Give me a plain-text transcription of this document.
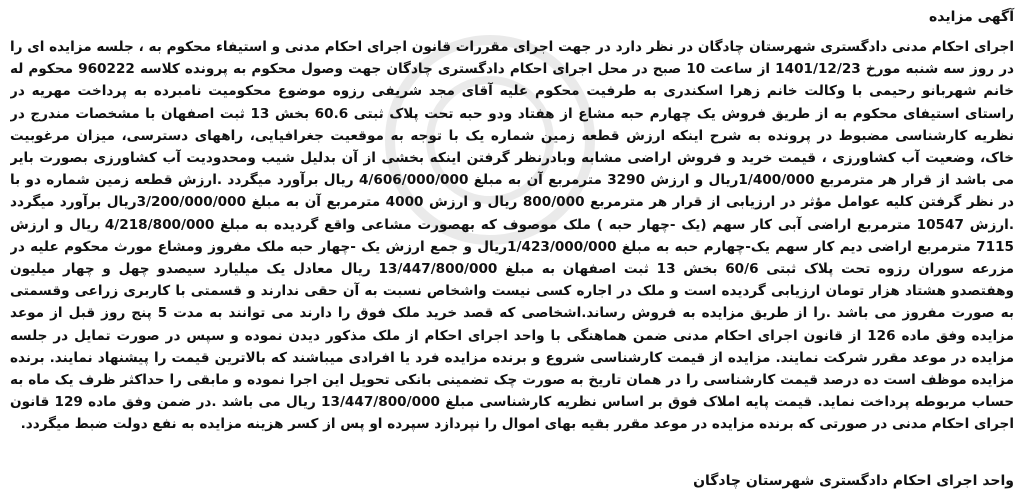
آگهی مزایده
اجرای احکام مدنی دادگستری شهرستان چادگان در نظر دارد در جهت اجرای مقررات قانون اجرای احکام مدنی و استیفاء محکوم به ، جلسه مزایده ای را در روز سه شنبه مورخ 1401/12/23 از ساعت 10 صبح در محل اجرای احکام دادگستری چادگان جهت وصول محکوم به پرونده کلاسه 960222 محکوم له خانم شهربانو رحیمی با وکالت خانم زهرا اسکندری به طرفیت محکوم علیه آقای مجد شریفی رزوه موضوع محکومیت نامبرده به پرداخت مهریه در راستای استیفای محکوم به از طریق فروش یک چهارم حبه مشاع از هفتاد ودو حبه تحت پلاک ثبتی 60.6 بخش 13 ثبت اصفهان با مشخصات مندرج در نظریه کارشناسی مضبوط در پرونده به شرح اینکه ارزش قطعه زمین شماره یک با توجه به موقعیت جغرافیایی، راههای دسترسی، میزان مرغوبیت خاک، وضعیت آب کشاورزی ، قیمت خرید و فروش اراضی مشابه وبادرنظر گرفتن اینکه بخشی از آن بدلیل شیب ومحدودیت آب کشاورزی بصورت بایر می باشد از قرار هر مترمربع 1/400/000ریال و ارزش 3290 مترمربع آن به مبلغ 4/606/000/000 ریال برآورد میگردد .ارزش قطعه زمین شماره دو با در نظر گرفتن کلیه عوامل مؤثر در ارزیابی از قرار هر مترمربع 800/000 ریال و ارزش 4000 مترمربع آن به مبلغ 3/200/000/000ریال برآورد میگردد .ارزش 10547 مترمربع اراضی آبی کار سهم (یک -چهار حبه ) ملک موصوف که بهصورت مشاعی واقع گردیده به مبلغ 4/218/800/000 ریال و ارزش 7115 مترمربع اراضی دیم کار سهم یک-چهارم حبه به مبلغ 1/423/000/000ریال و جمع ارزش یک -چهار حبه ملک مفروز ومشاع مورث محکوم علیه در مزرعه سوران رزوه تحت پلاک ثبتی 60/6 بخش 13 ثبت اصفهان به مبلغ 13/447/800/000 ریال معادل یک میلیارد سیصدو چهل و چهار میلیون وهفتصدو هشتاد هزار تومان ارزیابی گردیده است و ملک در اجاره کسی نیست واشخاص نسبت به آن حقی ندارند و قسمتی با کاربری زراعی وقسمتی به صورت مفروز می باشد .را از طریق مزایده به فروش رساند.اشخاصی که قصد خرید ملک فوق را دارند می توانند به مدت 5 پنج روز قبل از موعد مزایده وفق ماده 126 از قانون اجرای احکام مدنی ضمن هماهنگی با واحد اجرای احکام از ملک مذکور دیدن نموده و سپس در صورت تمایل در جلسه مزایده در موعد مقرر شرکت نمایند. مزایده از قیمت کارشناسی شروع و برنده مزایده فرد یا افرادی میباشند که بالاترین قیمت را پیشنهاد نمایند. برنده مزایده موظف است ده درصد قیمت کارشناسی را در همان تاریخ به صورت چک تضمینی بانکی تحویل این اجرا نموده و مابقی را حداکثر ظرف یک ماه به حساب مربوطه پرداخت نماید. قیمت پایه املاک فوق بر اساس نظریه کارشناسی مبلغ 13/447/800/000 ریال می باشد .در ضمن وفق ماده 129 قانون اجرای احکام مدنی در صورتی که برنده مزایده در موعد مقرر بقیه بهای اموال را نپردازد سپرده او پس از کسر هزینه مزایده به نفع دولت ضبط میگردد.
واحد اجرای احکام دادگستری شهرستان چادگان
